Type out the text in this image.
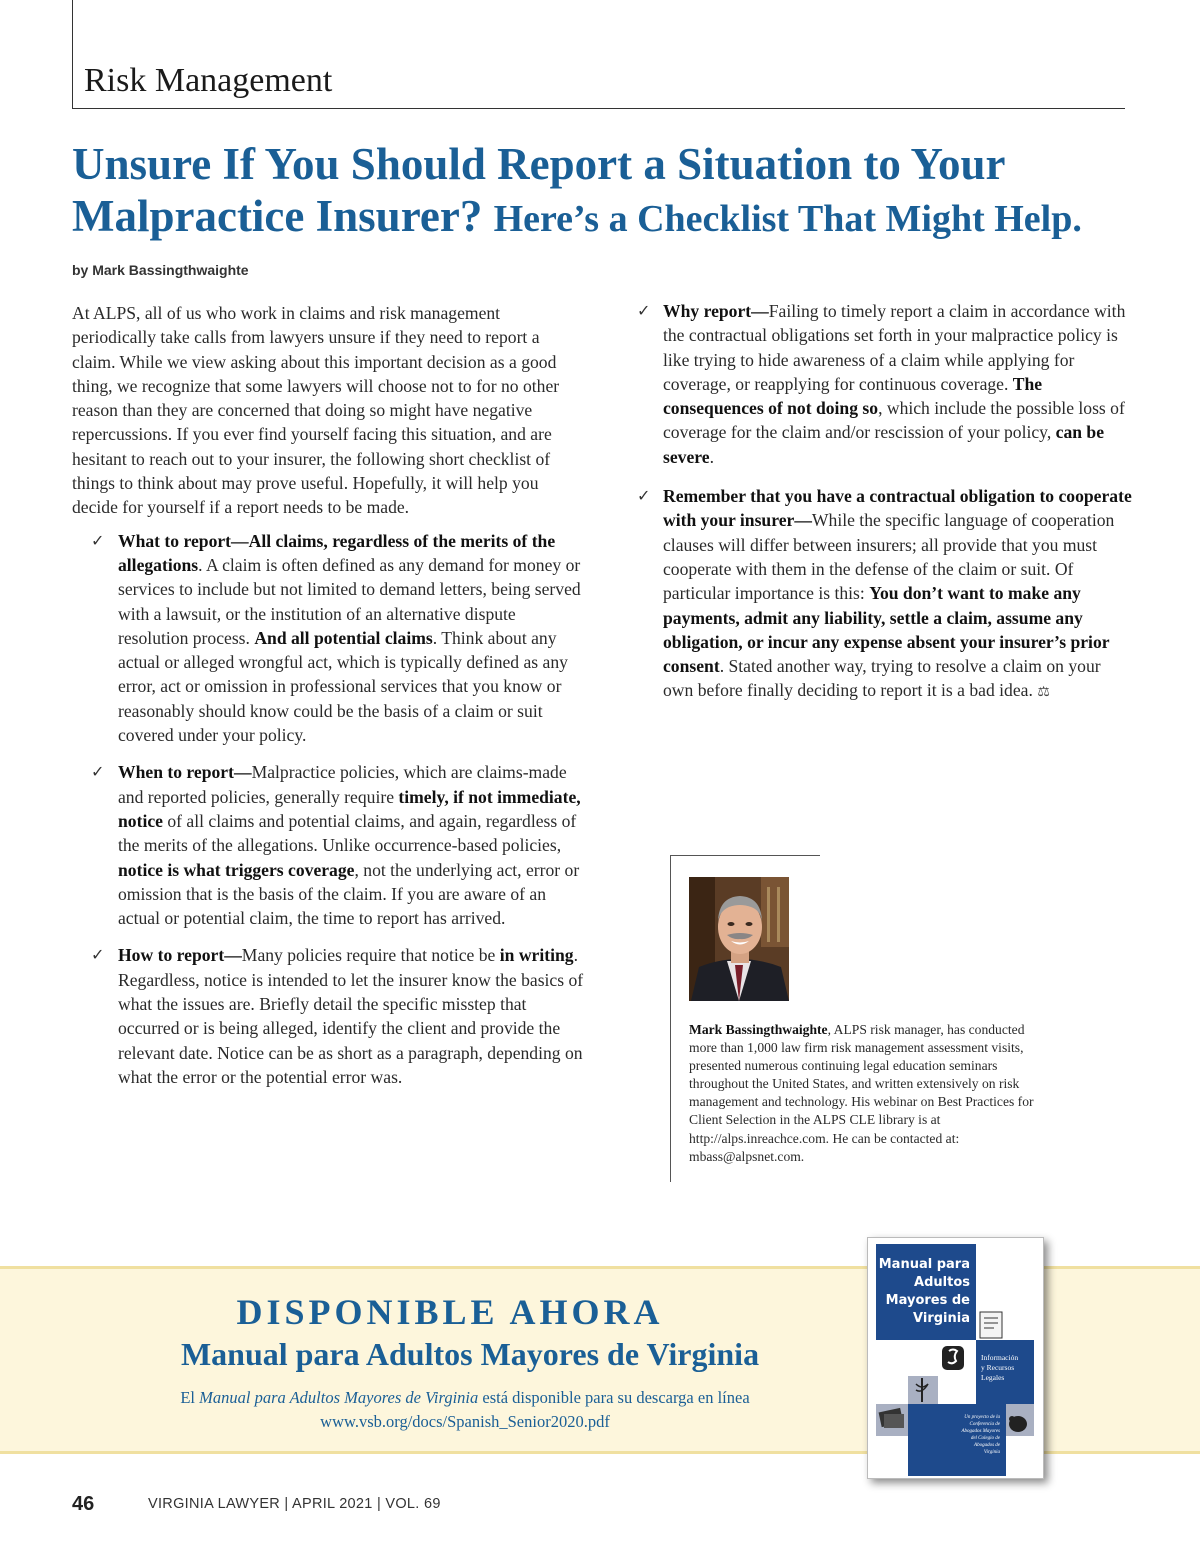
Risk Management
Unsure If You Should Report a Situation to Your Malpractice Insurer? Here’s a Checklist That Might Help.
by Mark Bassingthwaighte

At ALPS, all of us who work in claims and risk management periodically take calls from lawyers unsure if they need to report a claim. While we view asking about this important decision as a good thing, we recognize that some lawyers will choose not to for no other reason than they are concerned that doing so might have negative repercussions. If you ever find yourself facing this situation, and are hesitant to reach out to your insurer, the following short checklist of things to think about may prove useful. Hopefully, it will help you decide for yourself if a report needs to be made.

✓ What to report—All claims, regardless of the merits of the allegations. A claim is often defined as any demand for money or services to include but not limited to demand letters, being served with a lawsuit, or the institution of an alternative dispute resolution process. And all potential claims. Think about any actual or alleged wrongful act, which is typically defined as any error, act or omission in professional services that you know or reasonably should know could be the basis of a claim or suit covered under your policy.
✓ When to report—Malpractice policies, which are claims-made and reported policies, generally require timely, if not immediate, notice of all claims and potential claims, and again, regardless of the merits of the allegations. Unlike occurrence-based policies, notice is what triggers coverage, not the underlying act, error or omission that is the basis of the claim. If you are aware of an actual or potential claim, the time to report has arrived.
✓ How to report—Many policies require that notice be in writing. Regardless, notice is intended to let the insurer know the basics of what the issues are. Briefly detail the specific misstep that occurred or is being alleged, identify the client and provide the relevant date. Notice can be as short as a paragraph, depending on what the error or the potential error was.
✓ Why report—Failing to timely report a claim in accordance with the contractual obligations set forth in your malpractice policy is like trying to hide awareness of a claim while applying for coverage, or reapplying for continuous coverage. The consequences of not doing so, which include the possible loss of coverage for the claim and/or rescission of your policy, can be severe.
✓ Remember that you have a contractual obligation to cooperate with your insurer—While the specific language of cooperation clauses will differ between insurers; all provide that you must cooperate with them in the defense of the claim or suit. Of particular importance is this: You don’t want to make any payments, admit any liability, settle a claim, assume any obligation, or incur any expense absent your insurer’s prior consent. Stated another way, trying to resolve a claim on your own before finally deciding to report it is a bad idea. ⚖
Mark Bassingthwaighte, ALPS risk manager, has conducted more than 1,000 law firm risk management assessment visits, presented numerous continuing legal education seminars throughout the United States, and written extensively on risk management and technology. His webinar on Best Practices for Client Selection in the ALPS CLE library is at http://alps.inreachce.com. He can be contacted at: mbass@alpsnet.com.
DISPONIBLE AHORA
Manual para Adultos Mayores de Virginia
El Manual para Adultos Mayores de Virginia está disponible para su descarga en línea
www.vsb.org/docs/Spanish_Senior2020.pdf
Manual para
Adultos
Mayores de
Virginia
Información
y Recursos
Legales
Un proyecto de la
Conferencia de
Abogados Mayores
del Colegio de
Abogados de
Virginia
46	VIRGINIA LAWYER | APRIL 2021 | VOL. 69
